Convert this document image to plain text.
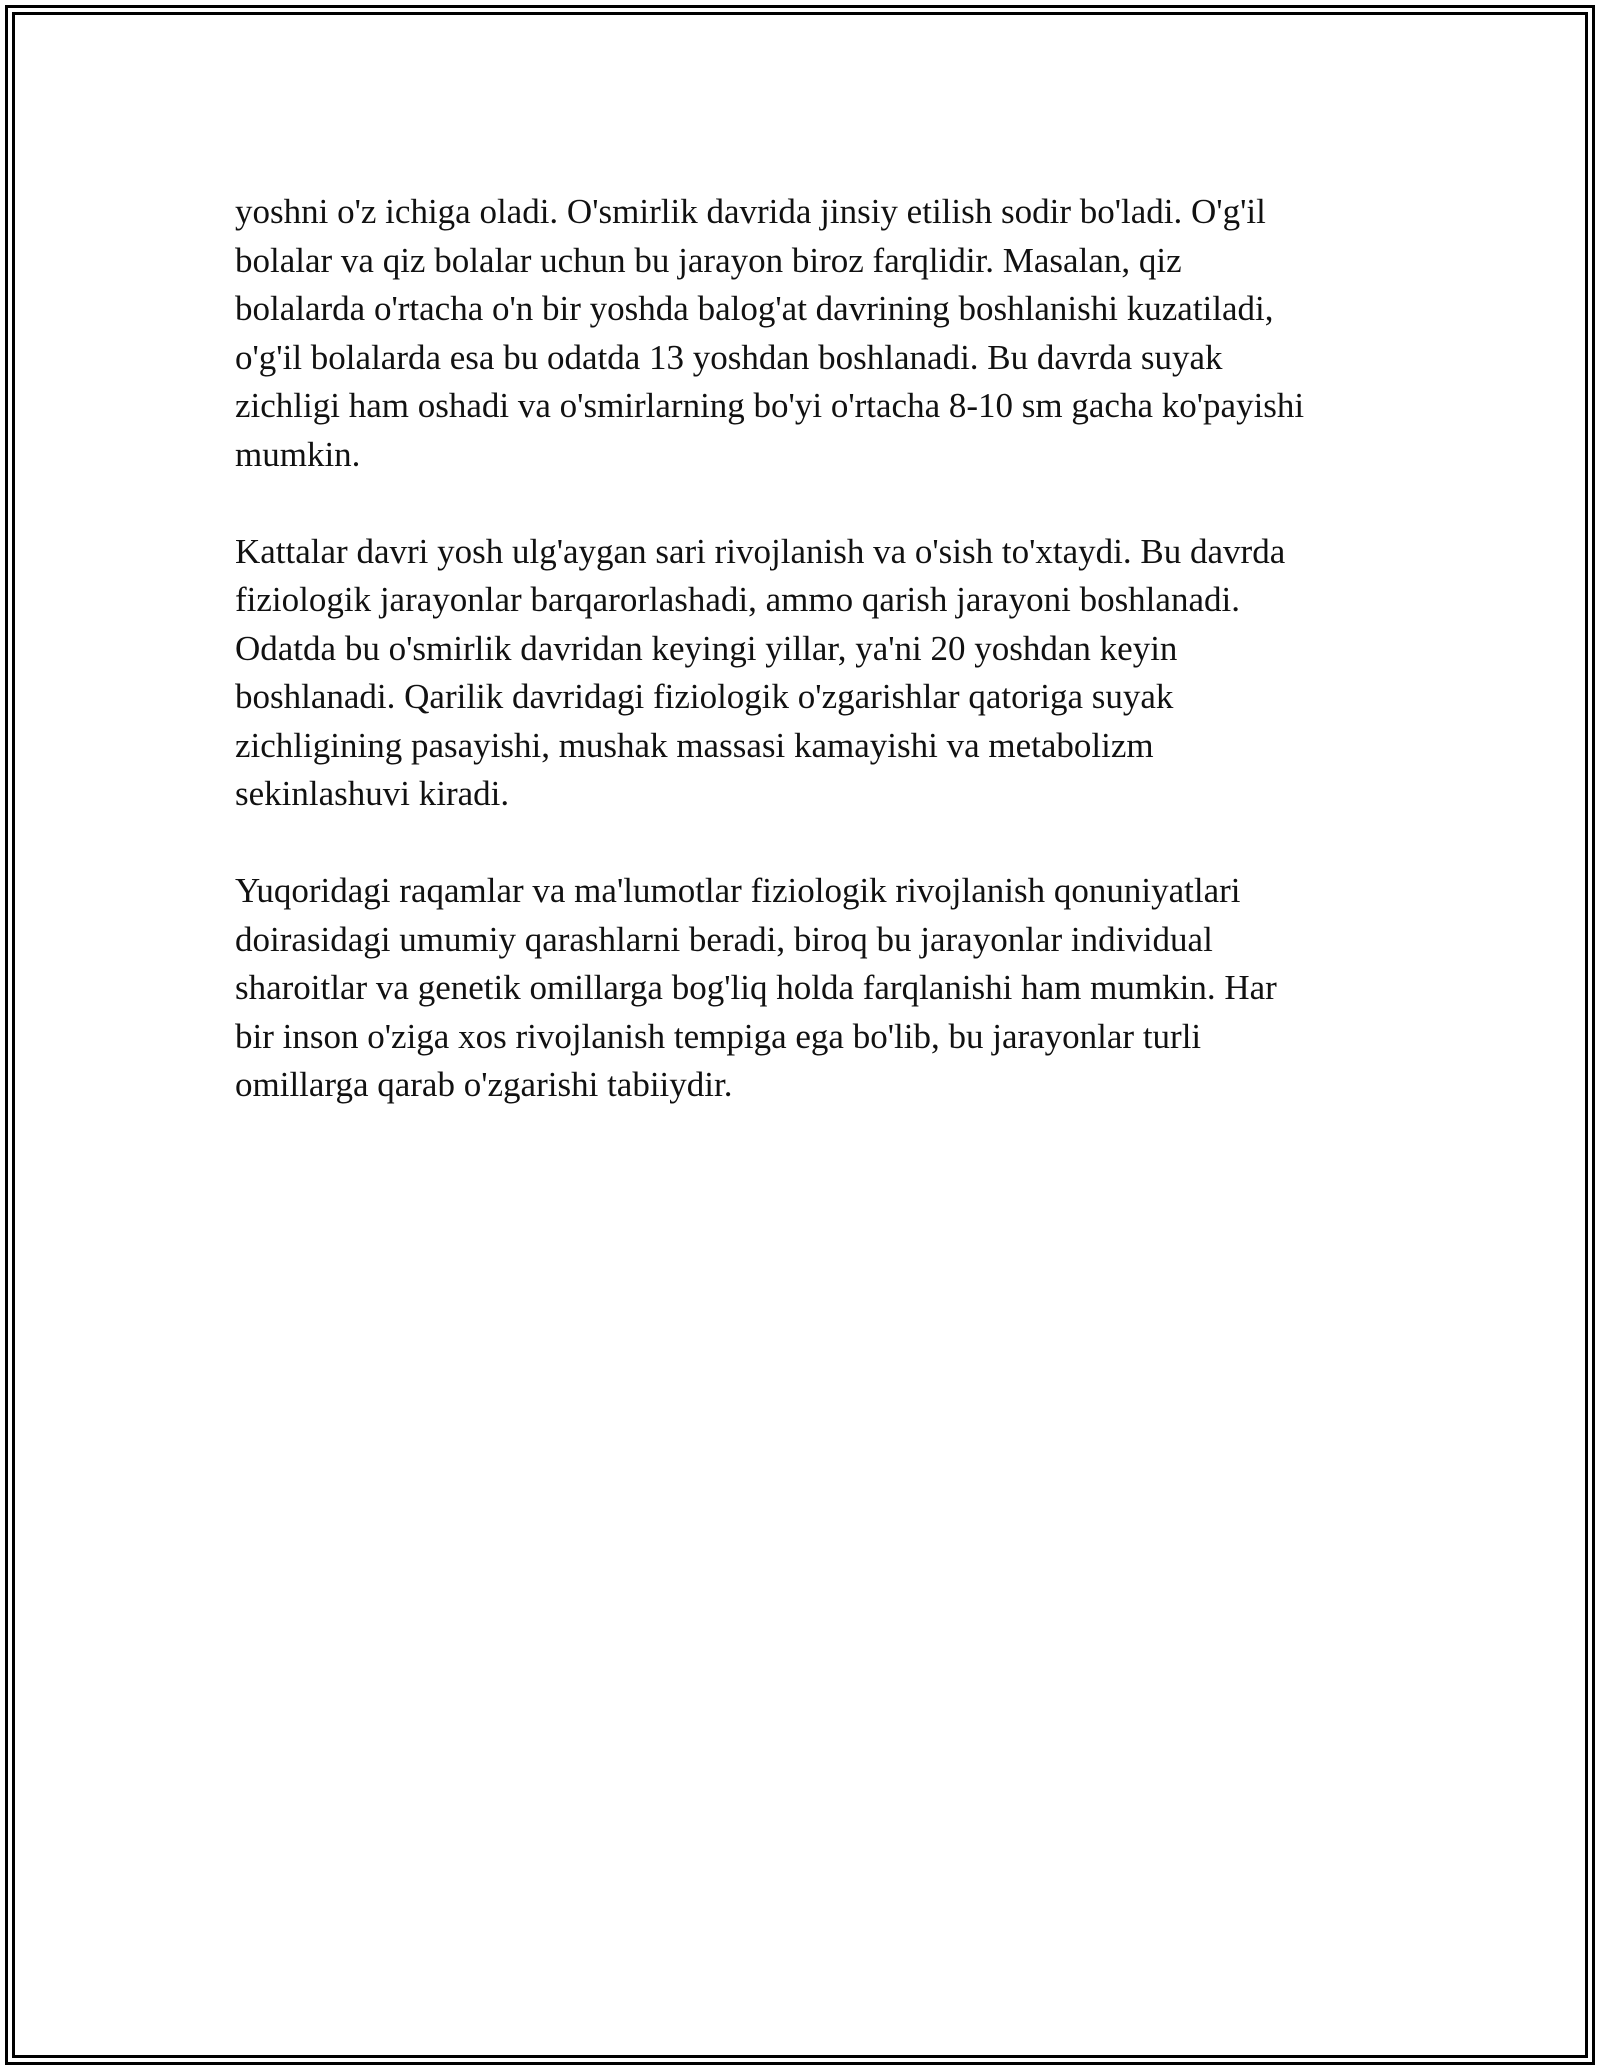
yoshni o'z ichiga oladi. O'smirlik davrida jinsiy etilish sodir bo'ladi. O'g'il
bolalar va qiz bolalar uchun bu jarayon biroz farqlidir. Masalan, qiz
bolalarda o'rtacha o'n bir yoshda balog'at davrining boshlanishi kuzatiladi,
o'g'il bolalarda esa bu odatda 13 yoshdan boshlanadi. Bu davrda suyak
zichligi ham oshadi va o'smirlarning bo'yi o'rtacha 8-10 sm gacha ko'payishi
mumkin.

Kattalar davri yosh ulg'aygan sari rivojlanish va o'sish to'xtaydi. Bu davrda
fiziologik jarayonlar barqarorlashadi, ammo qarish jarayoni boshlanadi.
Odatda bu o'smirlik davridan keyingi yillar, ya'ni 20 yoshdan keyin
boshlanadi. Qarilik davridagi fiziologik o'zgarishlar qatoriga suyak
zichligining pasayishi, mushak massasi kamayishi va metabolizm
sekinlashuvi kiradi.

Yuqoridagi raqamlar va ma'lumotlar fiziologik rivojlanish qonuniyatlari
doirasidagi umumiy qarashlarni beradi, biroq bu jarayonlar individual
sharoitlar va genetik omillarga bog'liq holda farqlanishi ham mumkin. Har
bir inson o'ziga xos rivojlanish tempiga ega bo'lib, bu jarayonlar turli
omillarga qarab o'zgarishi tabiiydir.
